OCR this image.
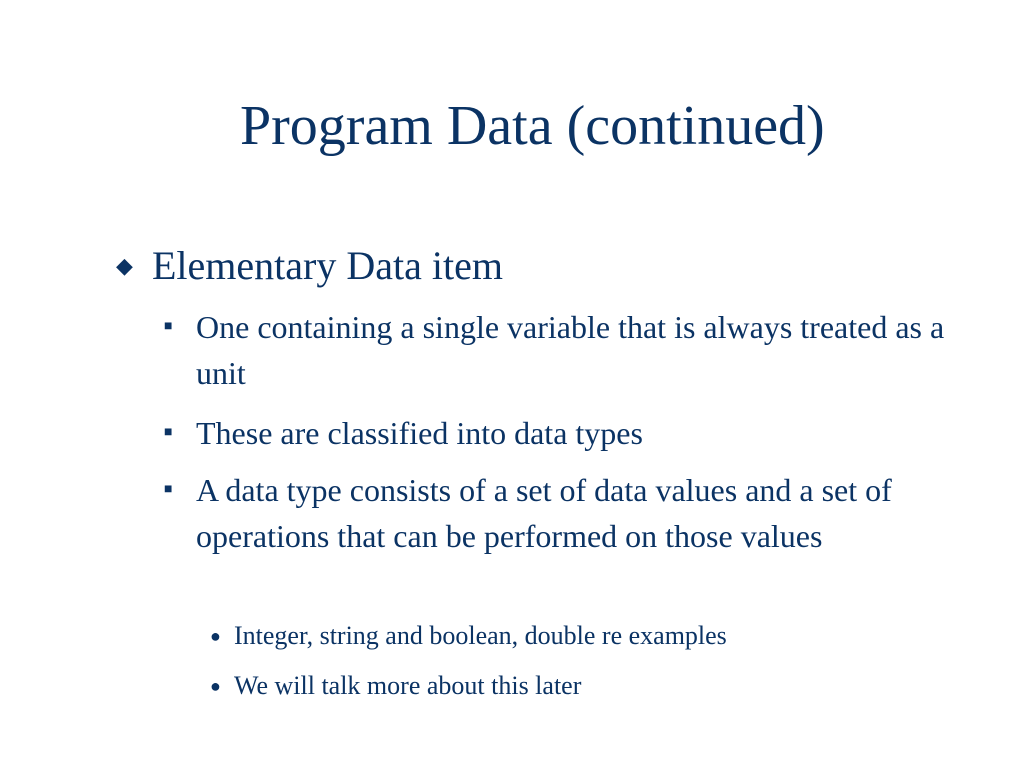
Program Data (continued)
◆ Elementary Data item
■ One containing a single variable that is always treated as a unit
■ These are classified into data types
■ A data type consists of a set of data values and a set of operations that can be performed on those values
● Integer, string and boolean, double re examples
● We will talk more about this later
